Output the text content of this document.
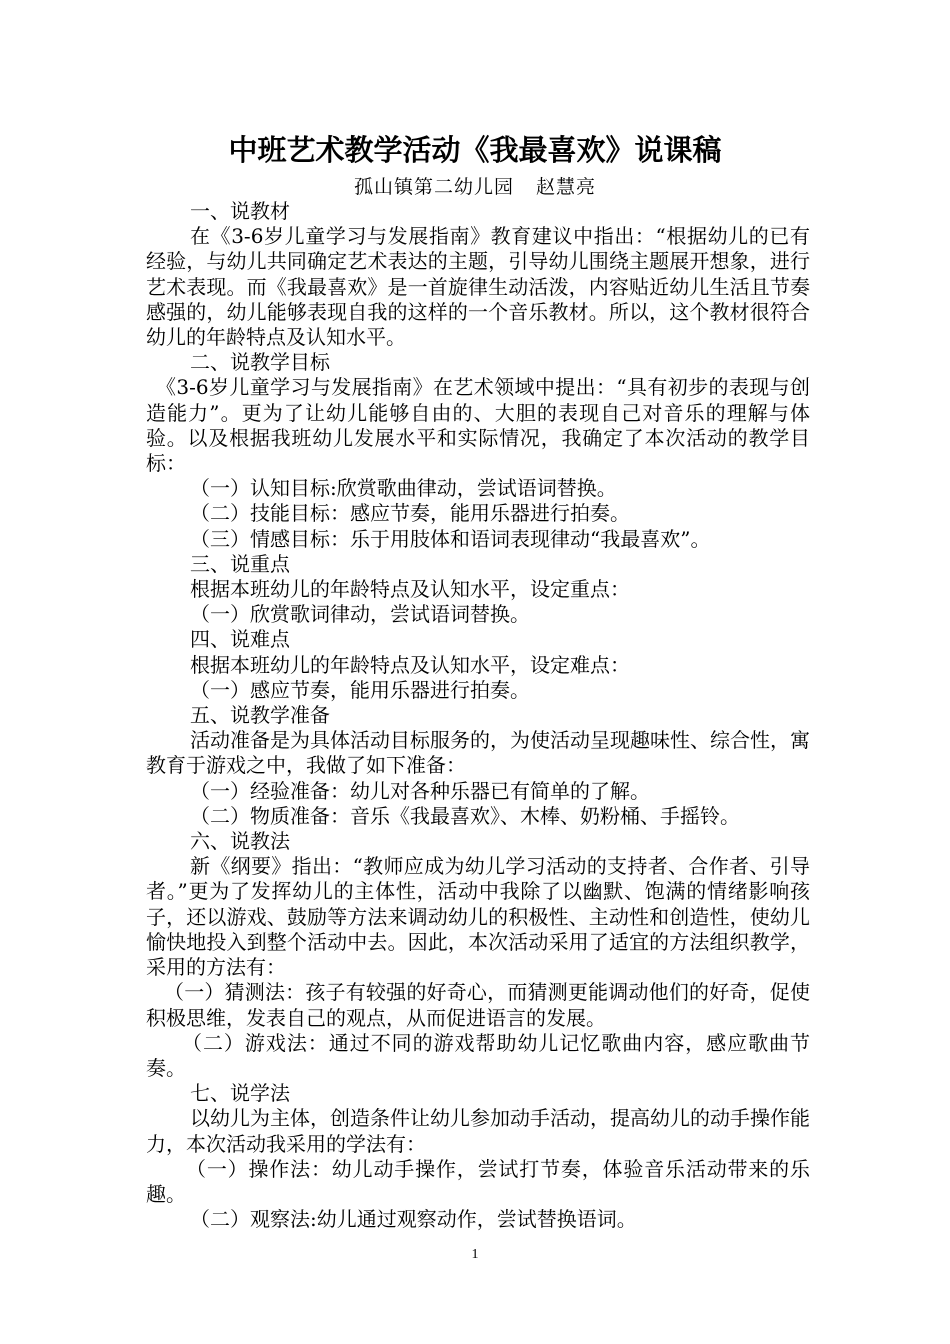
中班艺术教学活动《我最喜欢》说课稿
孤山镇第二幼儿园 赵慧亮

一、说教材

在《3-6岁儿童学习与发展指南》教育建议中指出：“根据幼儿的已有经验，与幼儿共同确定艺术表达的主题，引导幼儿围绕主题展开想象，进行艺术表现。而《我最喜欢》是一首旋律生动活泼，内容贴近幼儿生活且节奏感强的，幼儿能够表现自我的这样的一个音乐教材。所以，这个教材很符合幼儿的年龄特点及认知水平。

二、说教学目标

《3-6岁儿童学习与发展指南》在艺术领域中提出：“具有初步的表现与创造能力”。更为了让幼儿能够自由的、大胆的表现自己对音乐的理解与体验。以及根据我班幼儿发展水平和实际情况，我确定了本次活动的教学目标：

（一）认知目标:欣赏歌曲律动，尝试语词替换。

（二）技能目标：感应节奏，能用乐器进行拍奏。

（三）情感目标：乐于用肢体和语词表现律动“我最喜欢”。

三、说重点

根据本班幼儿的年龄特点及认知水平，设定重点：

（一）欣赏歌词律动，尝试语词替换。

四、说难点

根据本班幼儿的年龄特点及认知水平，设定难点：

（一）感应节奏，能用乐器进行拍奏。

五、说教学准备

活动准备是为具体活动目标服务的，为使活动呈现趣味性、综合性，寓教育于游戏之中，我做了如下准备：

（一）经验准备：幼儿对各种乐器已有简单的了解。

（二）物质准备：音乐《我最喜欢》、木棒、奶粉桶、手摇铃。

六、说教法

新《纲要》指出：“教师应成为幼儿学习活动的支持者、合作者、引导者。”更为了发挥幼儿的主体性，活动中我除了以幽默、饱满的情绪影响孩子，还以游戏、鼓励等方法来调动幼儿的积极性、主动性和创造性，使幼儿愉快地投入到整个活动中去。因此，本次活动采用了适宜的方法组织教学，采用的方法有：

（一）猜测法：孩子有较强的好奇心，而猜测更能调动他们的好奇，促使积极思维，发表自己的观点，从而促进语言的发展。

（二）游戏法：通过不同的游戏帮助幼儿记忆歌曲内容，感应歌曲节奏。

七、说学法

以幼儿为主体，创造条件让幼儿参加动手活动，提高幼儿的动手操作能力，本次活动我采用的学法有：

（一）操作法：幼儿动手操作，尝试打节奏，体验音乐活动带来的乐趣。

（二）观察法:幼儿通过观察动作，尝试替换语词。

1
